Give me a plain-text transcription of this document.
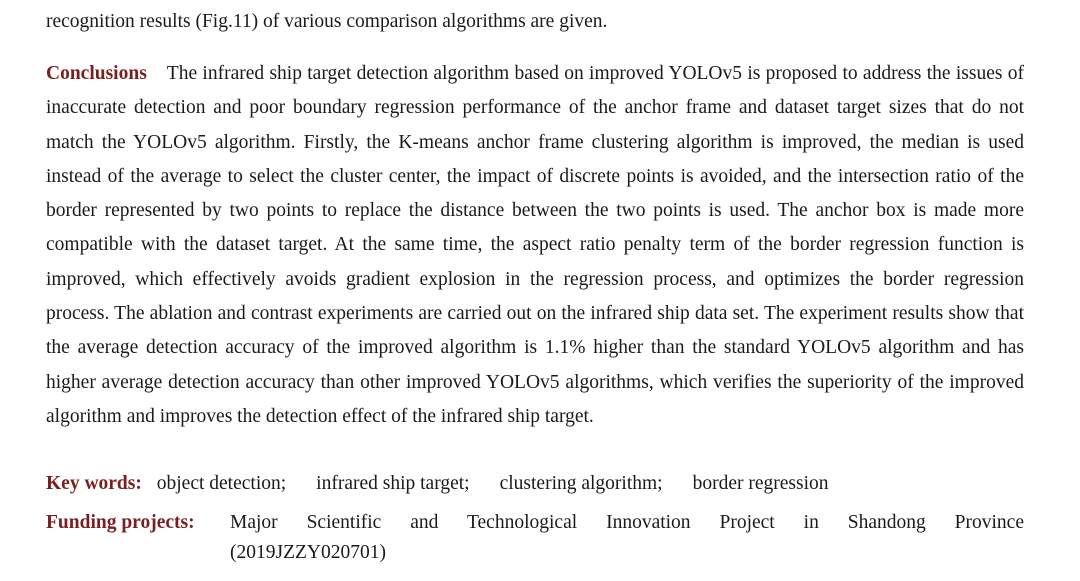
recognition results (Fig.11) of various comparison algorithms are given.
Conclusions The infrared ship target detection algorithm based on improved YOLOv5 is proposed to address the issues of inaccurate detection and poor boundary regression performance of the anchor frame and dataset target sizes that do not match the YOLOv5 algorithm. Firstly, the K-means anchor frame clustering algorithm is improved, the median is used instead of the average to select the cluster center, the impact of discrete points is avoided, and the intersection ratio of the border represented by two points to replace the distance between the two points is used. The anchor box is made more compatible with the dataset target. At the same time, the aspect ratio penalty term of the border regression function is improved, which effectively avoids gradient explosion in the regression process, and optimizes the border regression process. The ablation and contrast experiments are carried out on the infrared ship data set. The experiment results show that the average detection accuracy of the improved algorithm is 1.1% higher than the standard YOLOv5 algorithm and has higher average detection accuracy than other improved YOLOv5 algorithms, which verifies the superiority of the improved algorithm and improves the detection effect of the infrared ship target.
Key words: object detection; infrared ship target; clustering algorithm; border regression
Funding projects: Major Scientific and Technological Innovation Project in Shandong Province
(2019JZZY020701)
